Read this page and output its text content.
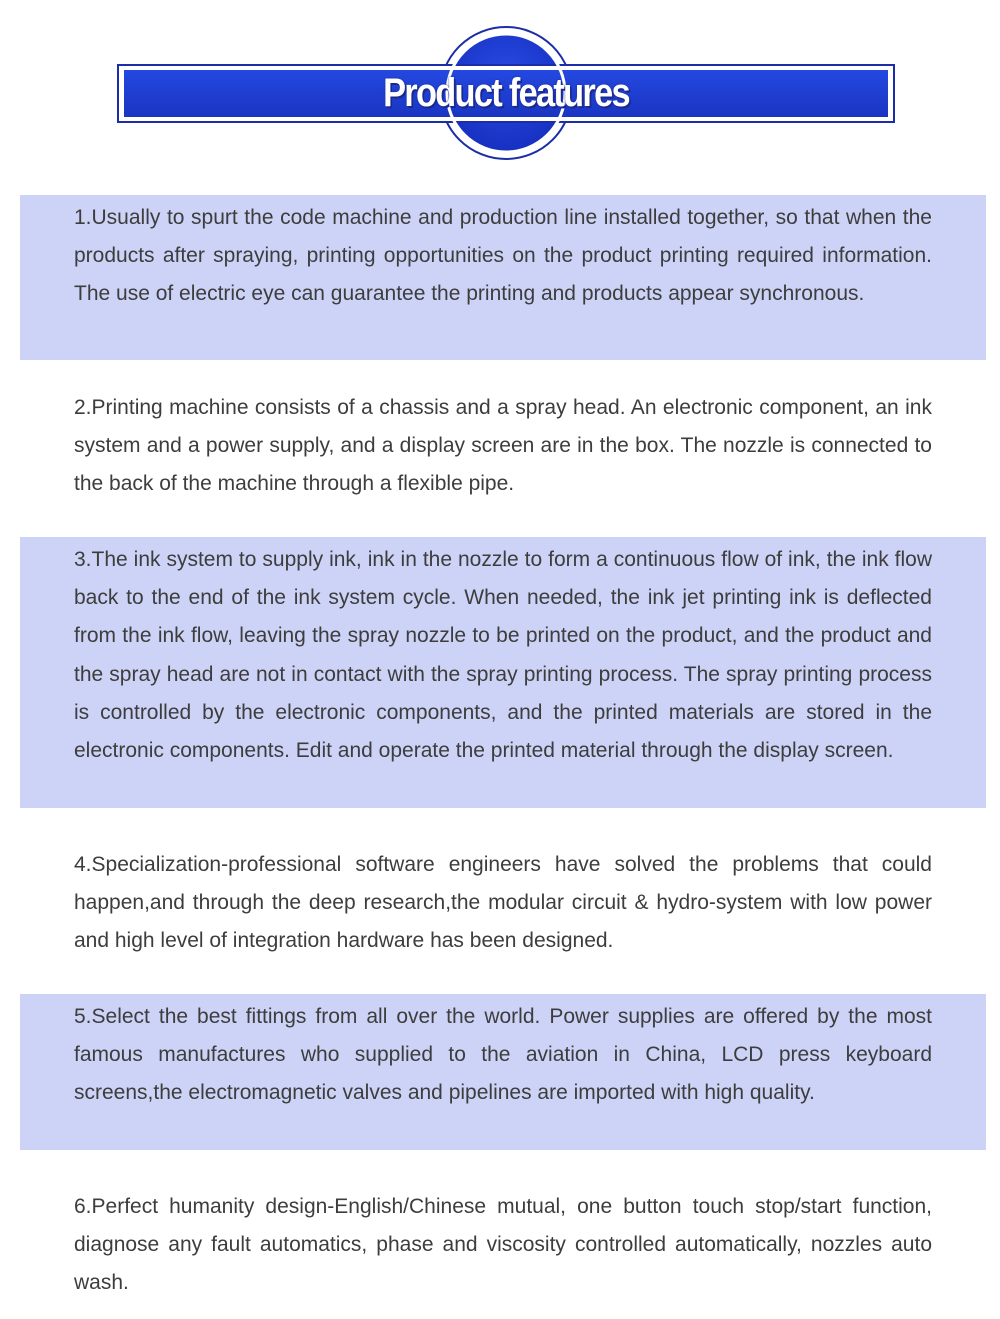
Product features

1.Usually to spurt the code machine and production line installed together, so that when the products after spraying, printing opportunities on the product printing required information. The use of electric eye can guarantee the printing and products appear synchronous.

2.Printing machine consists of a chassis and a spray head. An electronic component, an ink system and a power supply, and a display screen are in the box. The nozzle is connected to the back of the machine through a flexible pipe.

3.The ink system to supply ink, ink in the nozzle to form a continuous flow of ink, the ink flow back to the end of the ink system cycle. When needed, the ink jet printing ink is deflected from the ink flow, leaving the spray nozzle to be printed on the product, and the product and the spray head are not in contact with the spray printing process. The spray printing process is controlled by the electronic components, and the printed materials are stored in the electronic components. Edit and operate the printed material through the display screen.

4.Specialization-professional software engineers have solved the problems that could happen,and through the deep research,the modular circuit & hydro-system with low power and high level of integration hardware has been designed.

5.Select the best fittings from all over the world. Power supplies are offered by the most famous manufactures who supplied to the aviation in China, LCD press keyboard screens,the electromagnetic valves and pipelines are imported with high quality.

6.Perfect humanity design-English/Chinese mutual, one button touch stop/start function, diagnose any fault automatics, phase and viscosity controlled automatically, nozzles auto wash.
